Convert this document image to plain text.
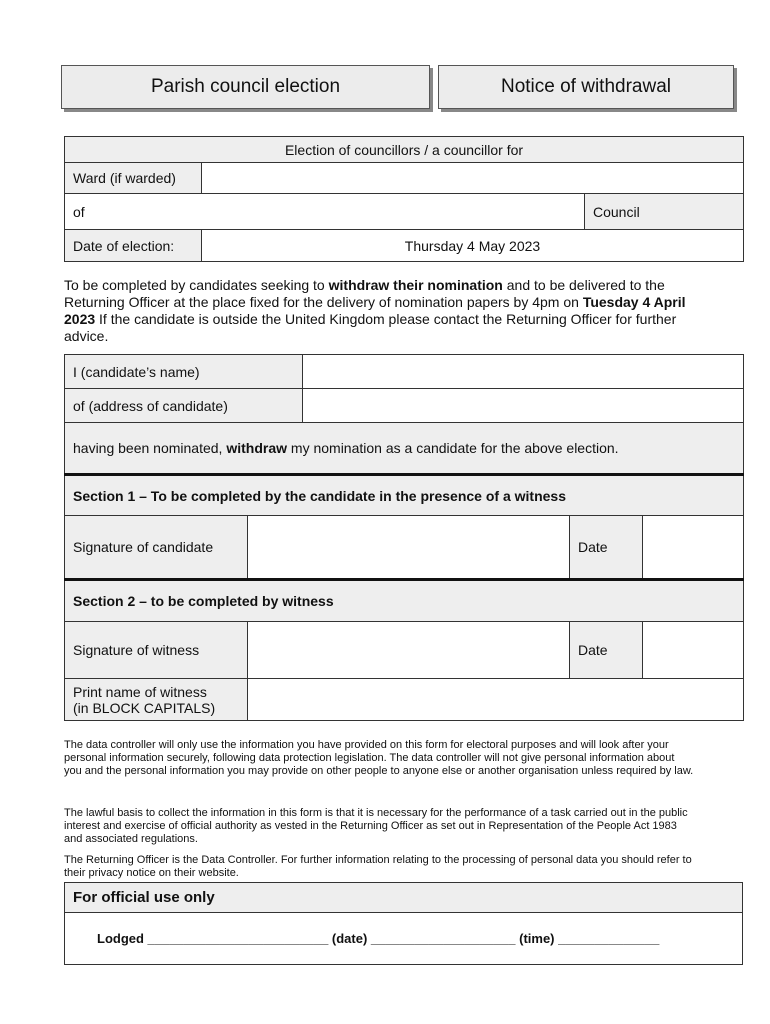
Parish council election	Notice of withdrawal
Election of councillors / a councillor for		
Ward (if warded)		
of		Council
Date of election:	Thursday 4 May 2023	
To be completed by candidates seeking to withdraw their nomination and to be delivered to the Returning Officer at the place fixed for the delivery of nomination papers by 4pm on Tuesday 4 April 2023 If the candidate is outside the United Kingdom please contact the Returning Officer for further advice.
I (candidate’s name)				
of (address of candidate)				
having been nominated, withdraw my nomination as a candidate for the above election.				
Section 1 – To be completed by the candidate in the presence of a witness				
Signature of candidate			Date	
Section 2 – to be completed by witness				
Signature of witness			Date	
Print name of witness
(in BLOCK CAPITALS)				
The data controller will only use the information you have provided on this form for electoral purposes and will look after your personal information securely, following data protection legislation. The data controller will not give personal information about you and the personal information you may provide on other people to anyone else or another organisation unless required by law.
The lawful basis to collect the information in this form is that it is necessary for the performance of a task carried out in the public interest and exercise of official authority as vested in the Returning Officer as set out in Representation of the People Act 1983 and associated regulations.
The Returning Officer is the Data Controller. For further information relating to the processing of personal data you should refer to their privacy notice on their website.
For official use only
Lodged _________________________ (date) ____________________ (time) ______________
